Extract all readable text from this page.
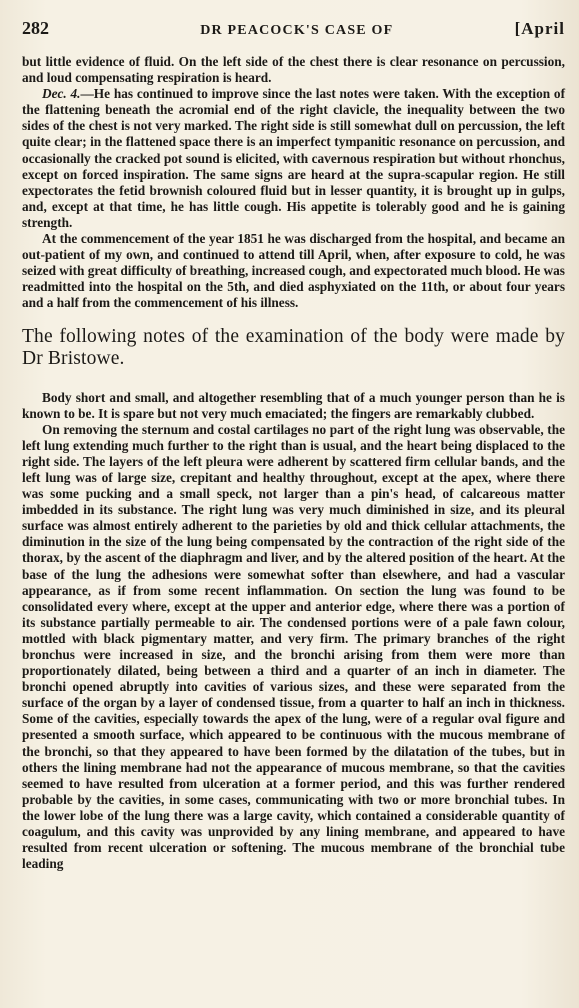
282	DR PEACOCK'S CASE OF	[April

but little evidence of fluid. On the left side of the chest there is clear resonance on percussion, and loud compensating respiration is heard.

Dec. 4.—He has continued to improve since the last notes were taken. With the exception of the flattening beneath the acromial end of the right clavicle, the inequality between the two sides of the chest is not very marked. The right side is still somewhat dull on percussion, the left quite clear; in the flattened space there is an imperfect tympanitic resonance on percussion, and occasionally the cracked pot sound is elicited, with cavernous respiration but without rhonchus, except on forced inspiration. The same signs are heard at the supra-scapular region. He still expectorates the fetid brownish coloured fluid but in lesser quantity, it is brought up in gulps, and, except at that time, he has little cough. His appetite is tolerably good and he is gaining strength.

At the commencement of the year 1851 he was discharged from the hospital, and became an out-patient of my own, and continued to attend till April, when, after exposure to cold, he was seized with great difficulty of breathing, increased cough, and expectorated much blood. He was readmitted into the hospital on the 5th, and died asphyxiated on the 11th, or about four years and a half from the commencement of his illness.

The following notes of the examination of the body were made by Dr Bristowe.

Body short and small, and altogether resembling that of a much younger person than he is known to be. It is spare but not very much emaciated; the fingers are remarkably clubbed.

On removing the sternum and costal cartilages no part of the right lung was observable, the left lung extending much further to the right than is usual, and the heart being displaced to the right side. The layers of the left pleura were adherent by scattered firm cellular bands, and the left lung was of large size, crepitant and healthy throughout, except at the apex, where there was some pucking and a small speck, not larger than a pin's head, of calcareous matter imbedded in its substance. The right lung was very much diminished in size, and its pleural surface was almost entirely adherent to the parieties by old and thick cellular attachments, the diminution in the size of the lung being compensated by the contraction of the right side of the thorax, by the ascent of the diaphragm and liver, and by the altered position of the heart. At the base of the lung the adhesions were somewhat softer than elsewhere, and had a vascular appearance, as if from some recent inflammation. On section the lung was found to be consolidated every where, except at the upper and anterior edge, where there was a portion of its substance partially permeable to air. The condensed portions were of a pale fawn colour, mottled with black pigmentary matter, and very firm. The primary branches of the right bronchus were increased in size, and the bronchi arising from them were more than proportionately dilated, being between a third and a quarter of an inch in diameter. The bronchi opened abruptly into cavities of various sizes, and these were separated from the surface of the organ by a layer of condensed tissue, from a quarter to half an inch in thickness. Some of the cavities, especially towards the apex of the lung, were of a regular oval figure and presented a smooth surface, which appeared to be continuous with the mucous membrane of the bronchi, so that they appeared to have been formed by the dilatation of the tubes, but in others the lining membrane had not the appearance of mucous membrane, so that the cavities seemed to have resulted from ulceration at a former period, and this was further rendered probable by the cavities, in some cases, communicating with two or more bronchial tubes. In the lower lobe of the lung there was a large cavity, which contained a considerable quantity of coagulum, and this cavity was unprovided by any lining membrane, and appeared to have resulted from recent ulceration or softening. The mucous membrane of the bronchial tube leading
